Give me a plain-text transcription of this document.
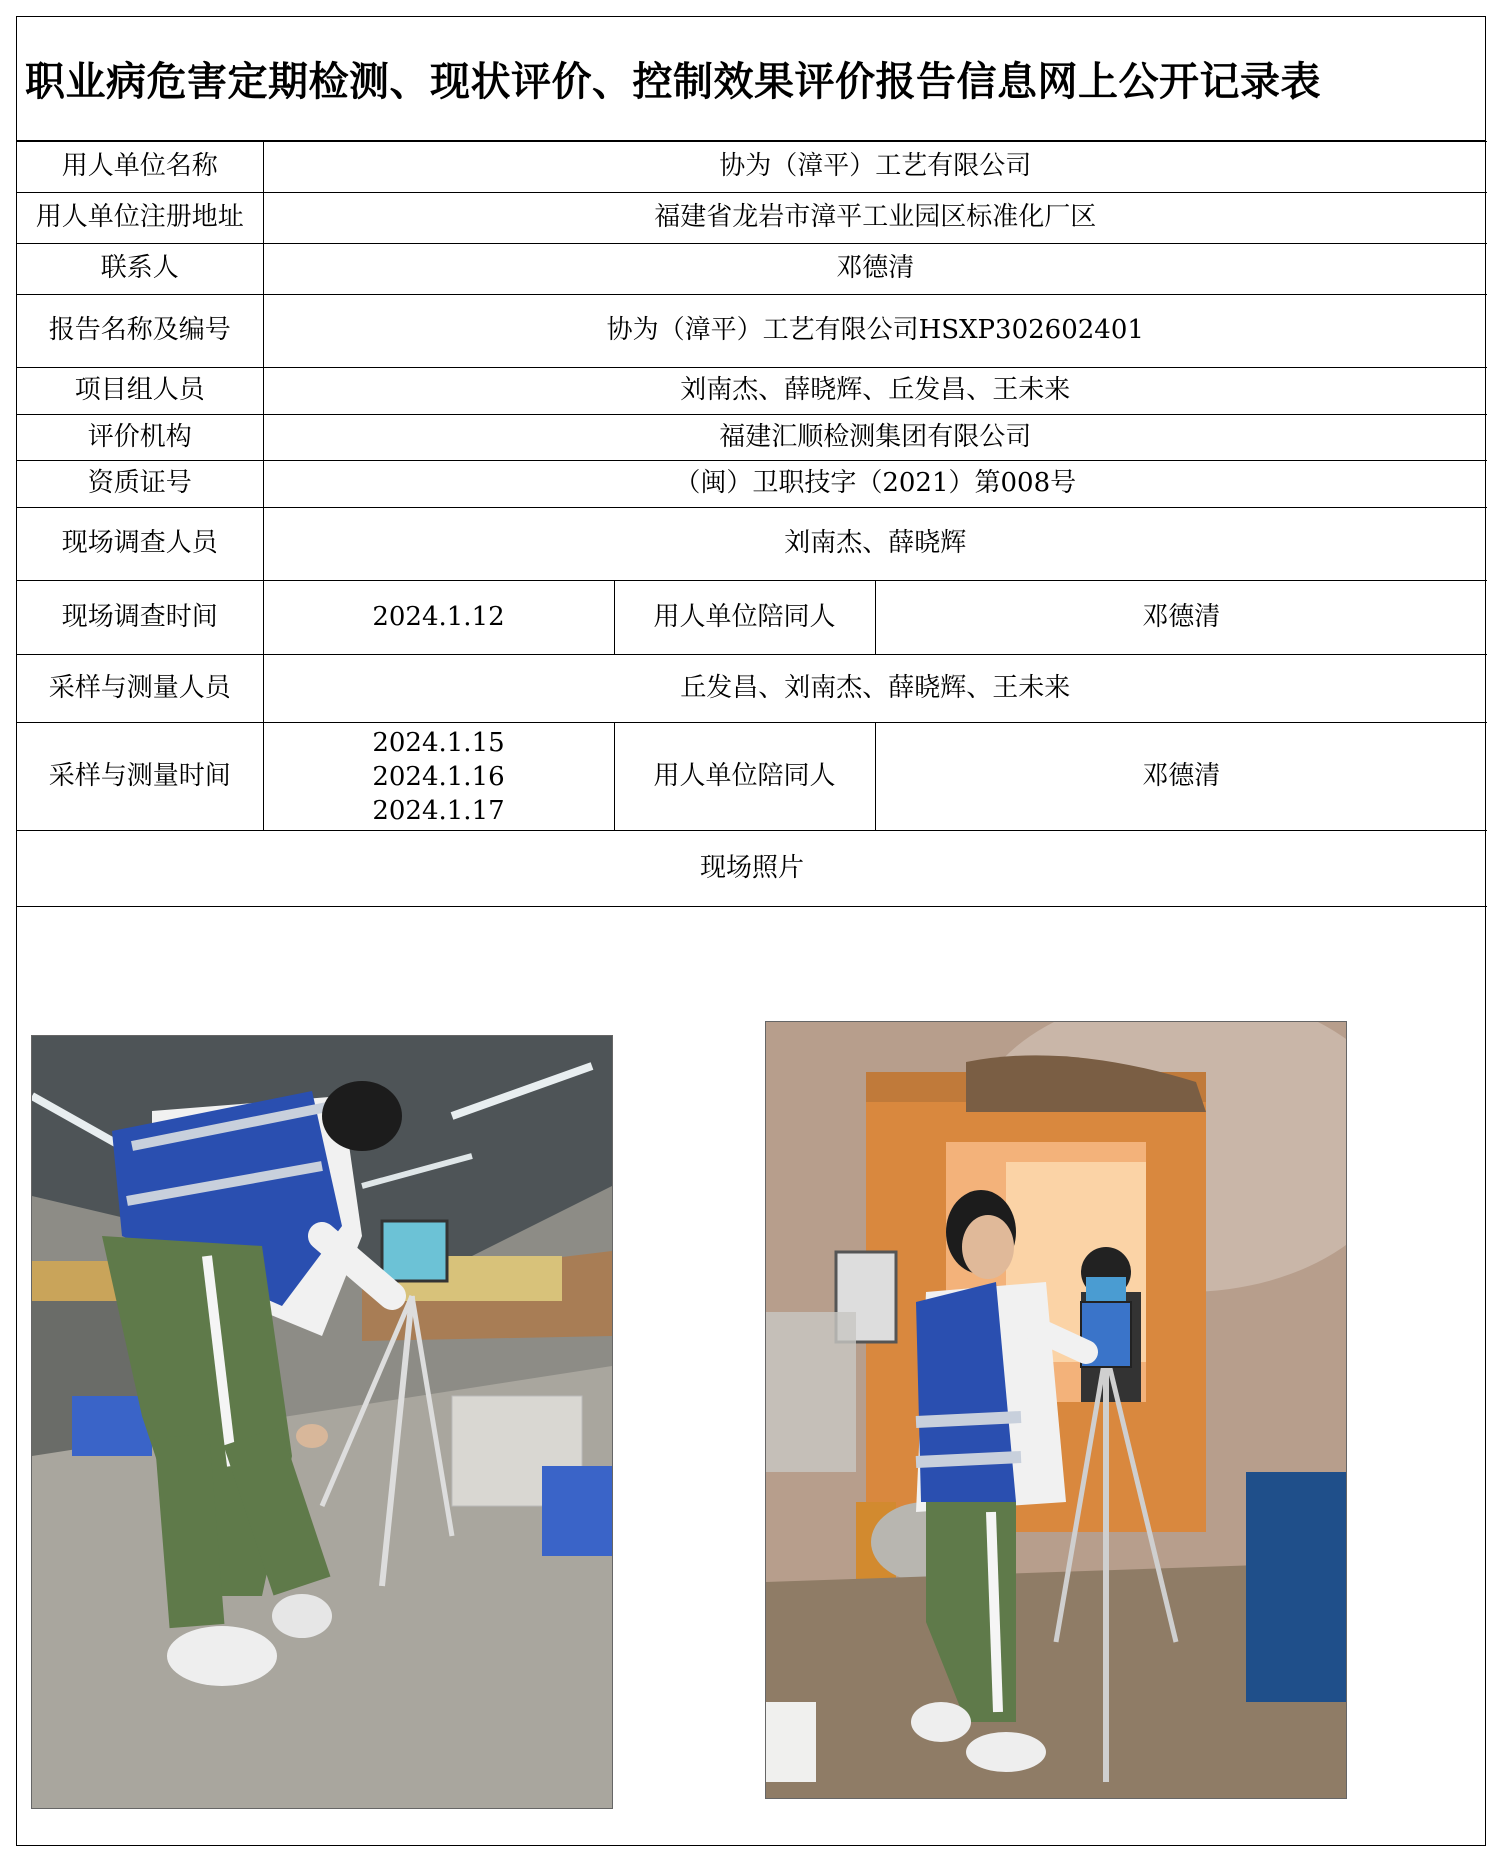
职业病危害定期检测、现状评价、控制效果评价报告信息网上公开记录表
用人单位名称	协为（漳平）工艺有限公司		
用人单位注册地址	福建省龙岩市漳平工业园区标准化厂区		
联系人	邓德清		
报告名称及编号	协为（漳平）工艺有限公司HSXP302602401		
项目组人员	刘南杰、薛晓辉、丘发昌、王未来		
评价机构	福建汇顺检测集团有限公司		
资质证号	（闽）卫职技字（2021）第008号		
现场调查人员	刘南杰、薛晓辉		
现场调查时间	2024.1.12	用人单位陪同人	邓德清
采样与测量人员	丘发昌、刘南杰、薛晓辉、王未来		
采样与测量时间	2024.1.15
2024.1.16
2024.1.17	用人单位陪同人	邓德清
现场照片			
